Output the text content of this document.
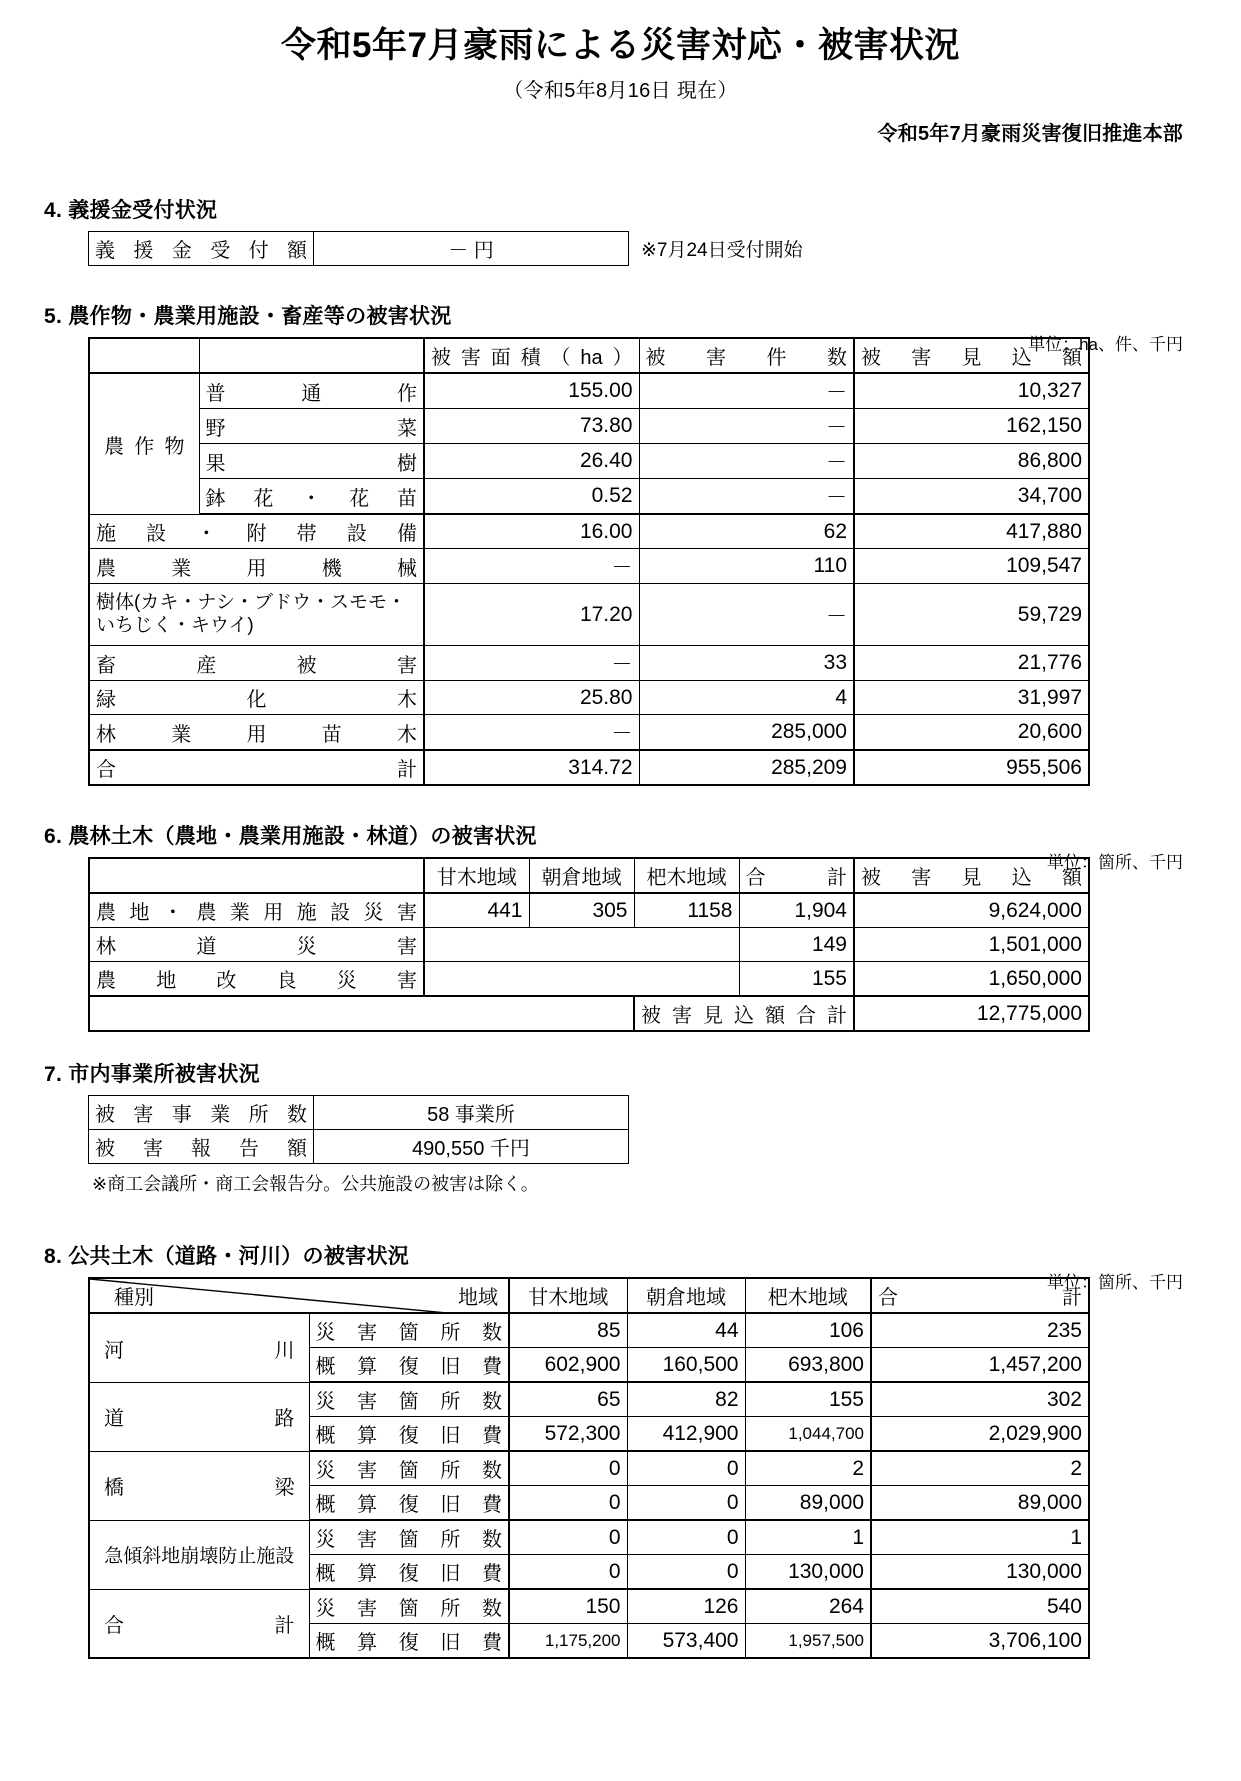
令和5年7月豪雨による災害対応・被害状況
（令和5年8月16日 現在）
令和5年7月豪雨災害復旧推進本部
4. 義援金受付状況
義援金受付額	－ 円	※7月24日受付開始
5. 農作物・農業用施設・畜産等の被害状況
単位：ha、件、千円
		被害面積（ha）	被害件数	被害見込額
農作物	普通作	155.00	－	10,327
	野菜	73.80	－	162,150
	果樹	26.40	－	86,800
	鉢花・花苗	0.52	－	34,700
施設・附帯設備		16.00	62	417,880
農業用機械		－	110	109,547
樹体(カキ・ナシ・ブドウ・スモモ・いちじく・キウイ)		17.20	－	59,729
畜産被害		－	33	21,776
緑化木		25.80	4	31,997
林業用苗木		－	285,000	20,600
合計		314.72	285,209	955,506
6. 農林土木（農地・農業用施設・林道）の被害状況
単位：箇所、千円
	甘木地域	朝倉地域	杷木地域	合計	被害見込額
農地・農業用施設災害	441	305	1158	1,904	9,624,000
林道災害				149	1,501,000
農地改良災害				155	1,650,000
			被害見込額合計		12,775,000
7. 市内事業所被害状況
被害事業所数	58 事業所
被害報告額	490,550 千円
※商工会議所・商工会報告分。公共施設の被害は除く。
8. 公共土木（道路・河川）の被害状況
単位：箇所、千円
種別 地域		甘木地域	朝倉地域	杷木地域	合計
河川	災害箇所数	85	44	106	235
	概算復旧費	602,900	160,500	693,800	1,457,200
道路	災害箇所数	65	82	155	302
	概算復旧費	572,300	412,900	1,044,700	2,029,900
橋梁	災害箇所数	0	0	2	2
	概算復旧費	0	0	89,000	89,000
急傾斜地崩壊防止施設	災害箇所数	0	0	1	1
	概算復旧費	0	0	130,000	130,000
合計	災害箇所数	150	126	264	540
	概算復旧費	1,175,200	573,400	1,957,500	3,706,100
